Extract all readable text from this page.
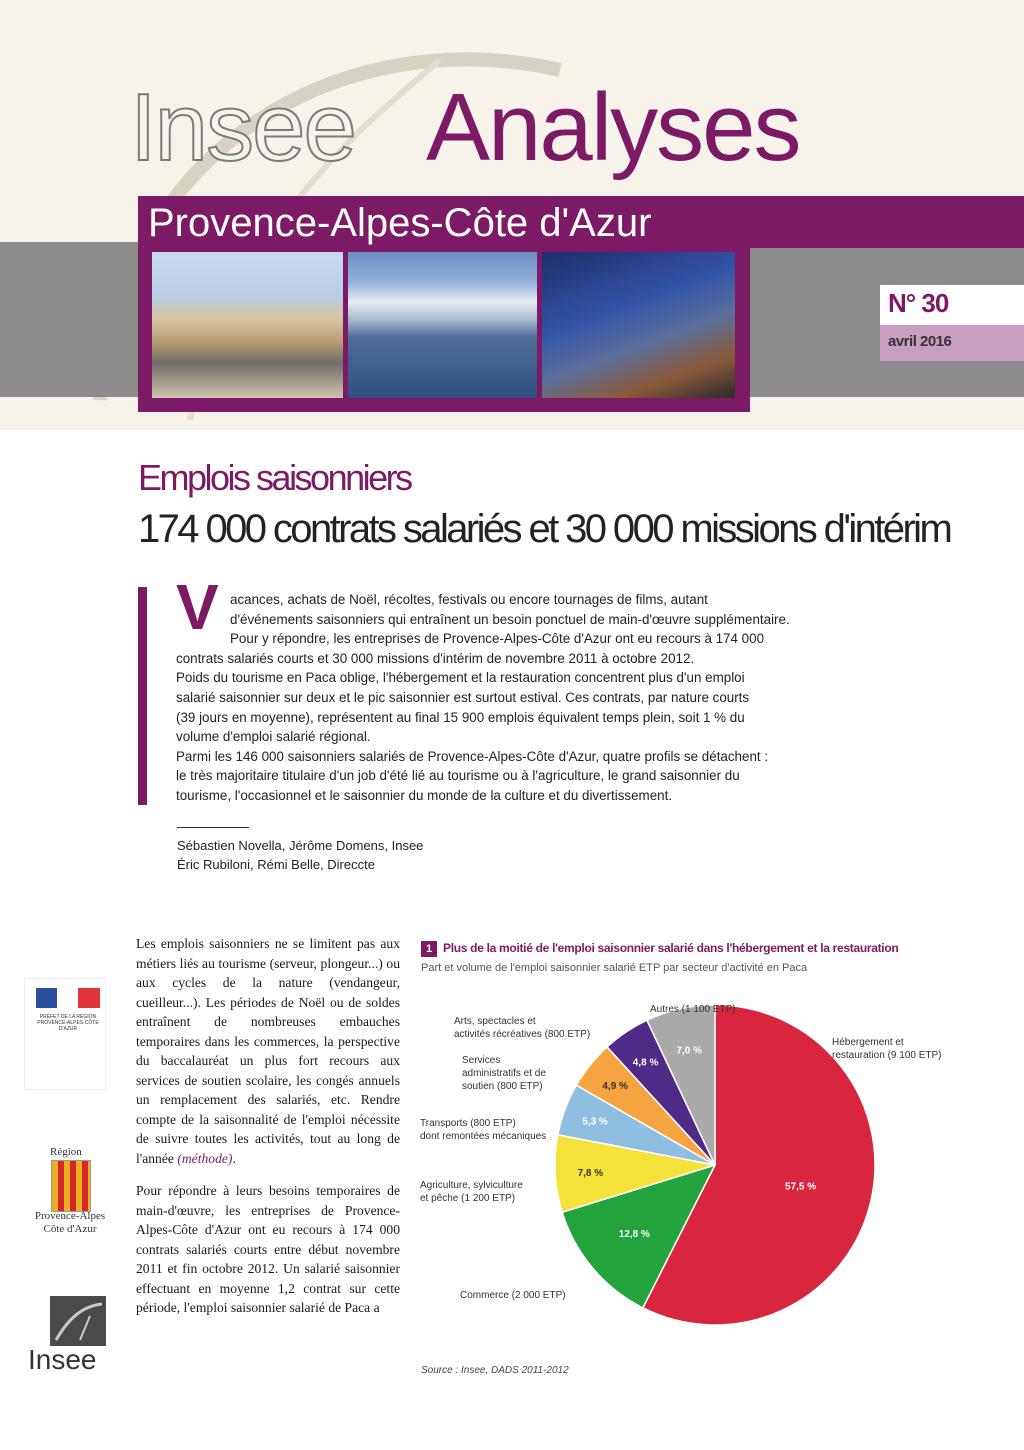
Insee Analyses
Provence-Alpes-Côte d'Azur
N° 30
avril 2016
Emplois saisonniers
174 000 contrats salariés et 30 000 missions d'intérim
V acances, achats de Noël, récoltes, festivals ou encore tournages de films, autant

d'événements saisonniers qui entraînent un besoin ponctuel de main-d'œuvre supplémentaire.

Pour y répondre, les entreprises de Provence-Alpes-Côte d'Azur ont eu recours à 174 000

contrats salariés courts et 30 000 missions d'intérim de novembre 2011 à octobre 2012.

Poids du tourisme en Paca oblige, l'hébergement et la restauration concentrent plus d'un emploi

salarié saisonnier sur deux et le pic saisonnier est surtout estival. Ces contrats, par nature courts

(39 jours en moyenne), représentent au final 15 900 emplois équivalent temps plein, soit 1 % du

volume d'emploi salarié régional.

Parmi les 146 000 saisonniers salariés de Provence-Alpes-Côte d'Azur, quatre profils se détachent :

le très majoritaire titulaire d'un job d'été lié au tourisme ou à l'agriculture, le grand saisonnier du

tourisme, l'occasionnel et le saisonnier du monde de la culture et du divertissement.

Sébastien Novella, Jérôme Domens, Insee
Éric Rubiloni, Rémi Belle, Direccte
PRÉFET DE LA RÉGION PROVENCE-ALPES-CÔTE D'AZUR
Région
Provence-Alpes Côte d'Azur
Insee

Les emplois saisonniers ne se limitent pas aux métiers liés au tourisme (serveur, plongeur...) ou aux cycles de la nature (vendangeur, cueilleur...). Les périodes de Noël ou de soldes entraînent de nombreuses embauches temporaires dans les commerces, la perspective du baccalauréat un plus fort recours aux services de soutien scolaire, les congés annuels un remplacement des salariés, etc. Rendre compte de la saisonnalité de l'emploi nécessite de suivre toutes les activités, tout au long de l'année (méthode).

Pour répondre à leurs besoins temporaires de main-d'œuvre, les entreprises de Provence-Alpes-Côte d'Azur ont eu recours à 174 000 contrats salariés courts entre début novembre 2011 et fin octobre 2012. Un salarié saisonnier effectuant en moyenne 1,2 contrat sur cette période, l'emploi saisonnier salarié de Paca a

1 Plus de la moitié de l'emploi saisonnier salarié dans l'hébergement et la restauration
Part et volume de l'emploi saisonnier salarié ETP par secteur d'activité en Paca
57,5 %
12,8 %
7,8 %
5,3 %
4,9 %
4,8 %
7,0 %
Hébergement et restauration (9 100 ETP)
Commerce (2 000 ETP)
Agriculture, sylviculture et pêche (1 200 ETP)
Transports (800 ETP) dont remontées mécaniques
Services administratifs et de soutien (800 ETP)
Arts, spectacles et activités récréatives (800 ETP)
Autres (1 100 ETP)
Source : Insee, DADS 2011-2012
